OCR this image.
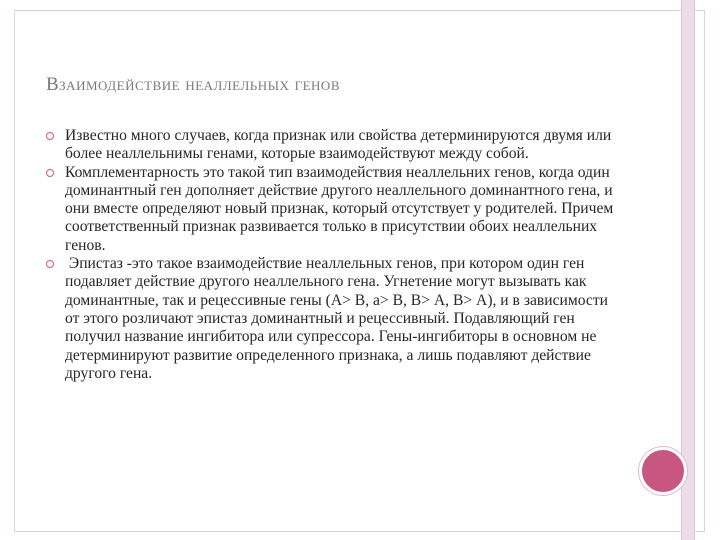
Взаимодействие неаллельных генов
Известно много случаев, когда признак или свойства детерминируются двумя или более неаллельнимы генами, которые взаимодействуют между собой.
Комплементарность это такой тип взаимодействия неаллельних генов, когда один доминантный ген дополняет действие другого неаллельного доминантного гена, и они вместе определяют новый признак, который отсутствует у родителей. Причем соответственный признак развивается только в присутствии обоих неаллельних генов.
Эпистаз -это такое взаимодействие неаллельных генов, при котором один ген подавляет действие другого неаллельного гена. Угнетение могут вызывать как доминантные, так и рецессивные гены (А> В, а> В, В> А, В> А), и в зависимости от этого розличают эпистаз доминантный и рецессивный. Подавляющий ген получил название ингибитора или супрессора. Гены-ингибиторы в основном не детерминируют развитие определенного признака, а лишь подавляют действие другого гена.
